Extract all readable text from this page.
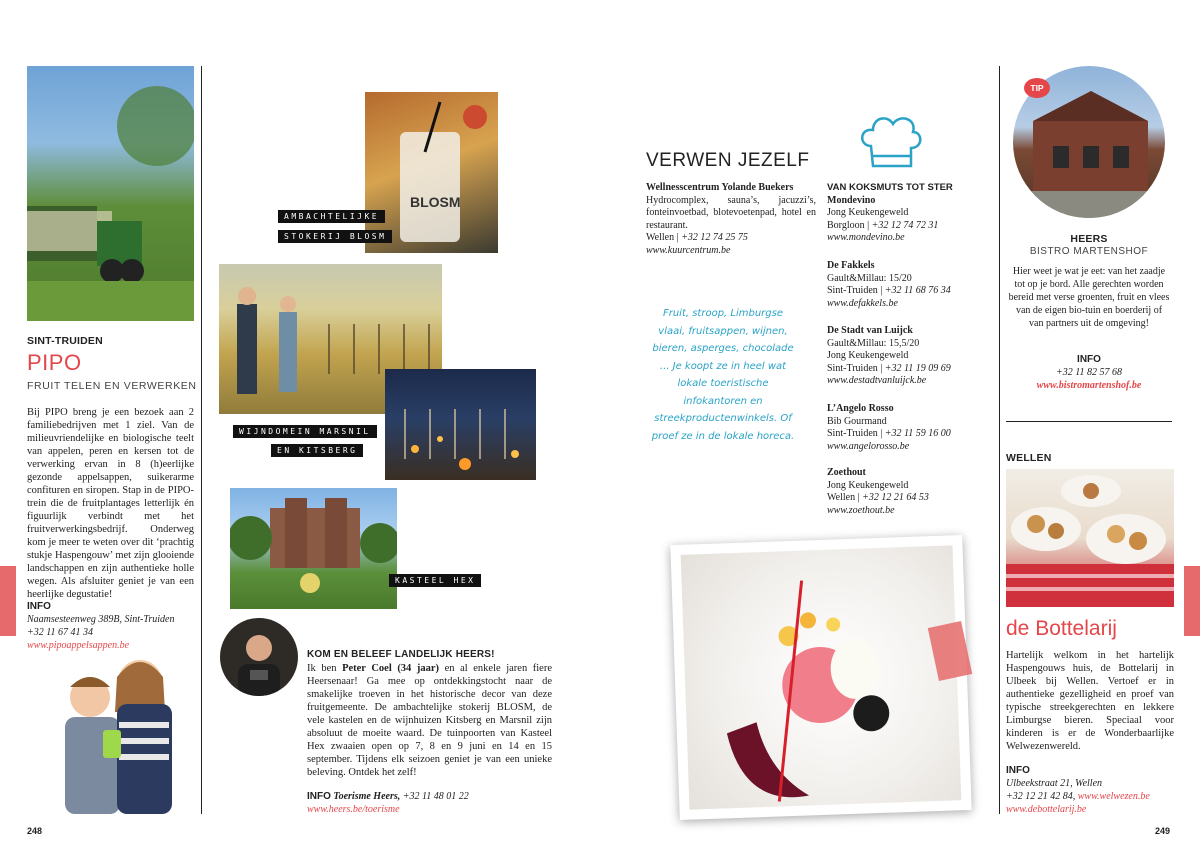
SINT-TRUIDEN
PIPO
FRUIT TELEN EN VERWERKEN
Bij PIPO breng je een bezoek aan 2 familiebedrijven met 1 ziel. Van de milieuvriendelijke en biologische teelt van appelen, peren en kersen tot de verwerking ervan in 8 (h)eerlijke gezonde appelsappen, suikerarme confituren en siropen. Stap in de PIPO-trein die de fruitplantages letterlijk én figuurlijk verbindt met het fruitverwerkingsbedrijf. Onderweg kom je meer te weten over dit ‘prachtig stukje Haspengouw’ met zijn glooiende landschappen en zijn authentieke holle wegen. Als afsluiter geniet je van een heerlijke degustatie!
INFO
Naamsesteenweg 389B, Sint-Truiden
+32 11 67 41 34
www.pipoappelsappen.be
248
BLOSM
AMBACHTELIJKE
STOKERIJ BLOSM
WIJNDOMEIN MARSNIL
EN KITSBERG
KASTEEL HEX
KOM EN BELEEF LANDELIJK HEERS!
Ik ben Peter Coel (34 jaar) en al enkele jaren fiere Heersenaar! Ga mee op ontdekkingstocht naar de smakelijke troeven in het historische decor van deze fruitgemeente. De ambachtelijke stokerij BLOSM, de vele kastelen en de wijnhuizen Kitsberg en Marsnil zijn absoluut de moeite waard. De tuinpoorten van Kasteel Hex zwaaien open op 7, 8 en 9 juni en 14 en 15 september. Tijdens elk seizoen geniet je van een unieke beleving. Ontdek het zelf!
INFO Toerisme Heers, +32 11 48 01 22
www.heers.be/toerisme
VERWEN JEZELF
Wellnesscentrum Yolande Buekers

Hydrocomplex, sauna’s, jacuzzi’s, fonteinvoetbad, blotevoetenpad, hotel en restaurant.
Wellen | +32 12 74 25 75
www.kuurcentrum.be
Fruit, stroop, Limburgse vlaai, fruitsappen, wijnen, bieren, asperges, chocolade ... Je koopt ze in heel wat lokale toeristische infokantoren en streekproductenwinkels. Of proef ze in de lokale horeca.
VAN KOKSMUTS TOT STER
Mondevino
Jong Keukengeweld
Borgloon | +32 12 74 72 31
www.mondevino.be
De Fakkels
Gault&Millau: 15/20
Sint-Truiden | +32 11 68 76 34
www.defakkels.be
De Stadt van Luijck
Gault&Millau: 15,5/20
Jong Keukengeweld
Sint-Truiden | +32 11 19 09 69
www.destadtvanluijck.be
L’Angelo Rosso
Bib Gourmand
Sint-Truiden | +32 11 59 16 00
www.angelorosso.be
Zoethout
Jong Keukengeweld
Wellen | +32 12 21 64 53
www.zoethout.be
TIP
HEERS
BISTRO MARTENSHOF
Hier weet je wat je eet: van het zaadje tot op je bord. Alle gerechten worden bereid met verse groenten, fruit en vlees van de eigen bio-tuin en boerderij of van partners uit de omgeving!
INFO
+32 11 82 57 68
www.bistromartenshof.be
WELLEN
de Bottelarij
Hartelijk welkom in het hartelijk Haspengouws huis, de Bottelarij in Ulbeek bij Wellen. Vertoef er in authentieke gezelligheid en proef van typische streekgerechten en lekkere Limburgse bieren. Speciaal voor kinderen is er de Wonderbaarlijke Welwezenwereld.
INFO
Ulbeekstraat 21, Wellen
+32 12 21 42 84, www.welwezen.be
www.debottelarij.be
249
